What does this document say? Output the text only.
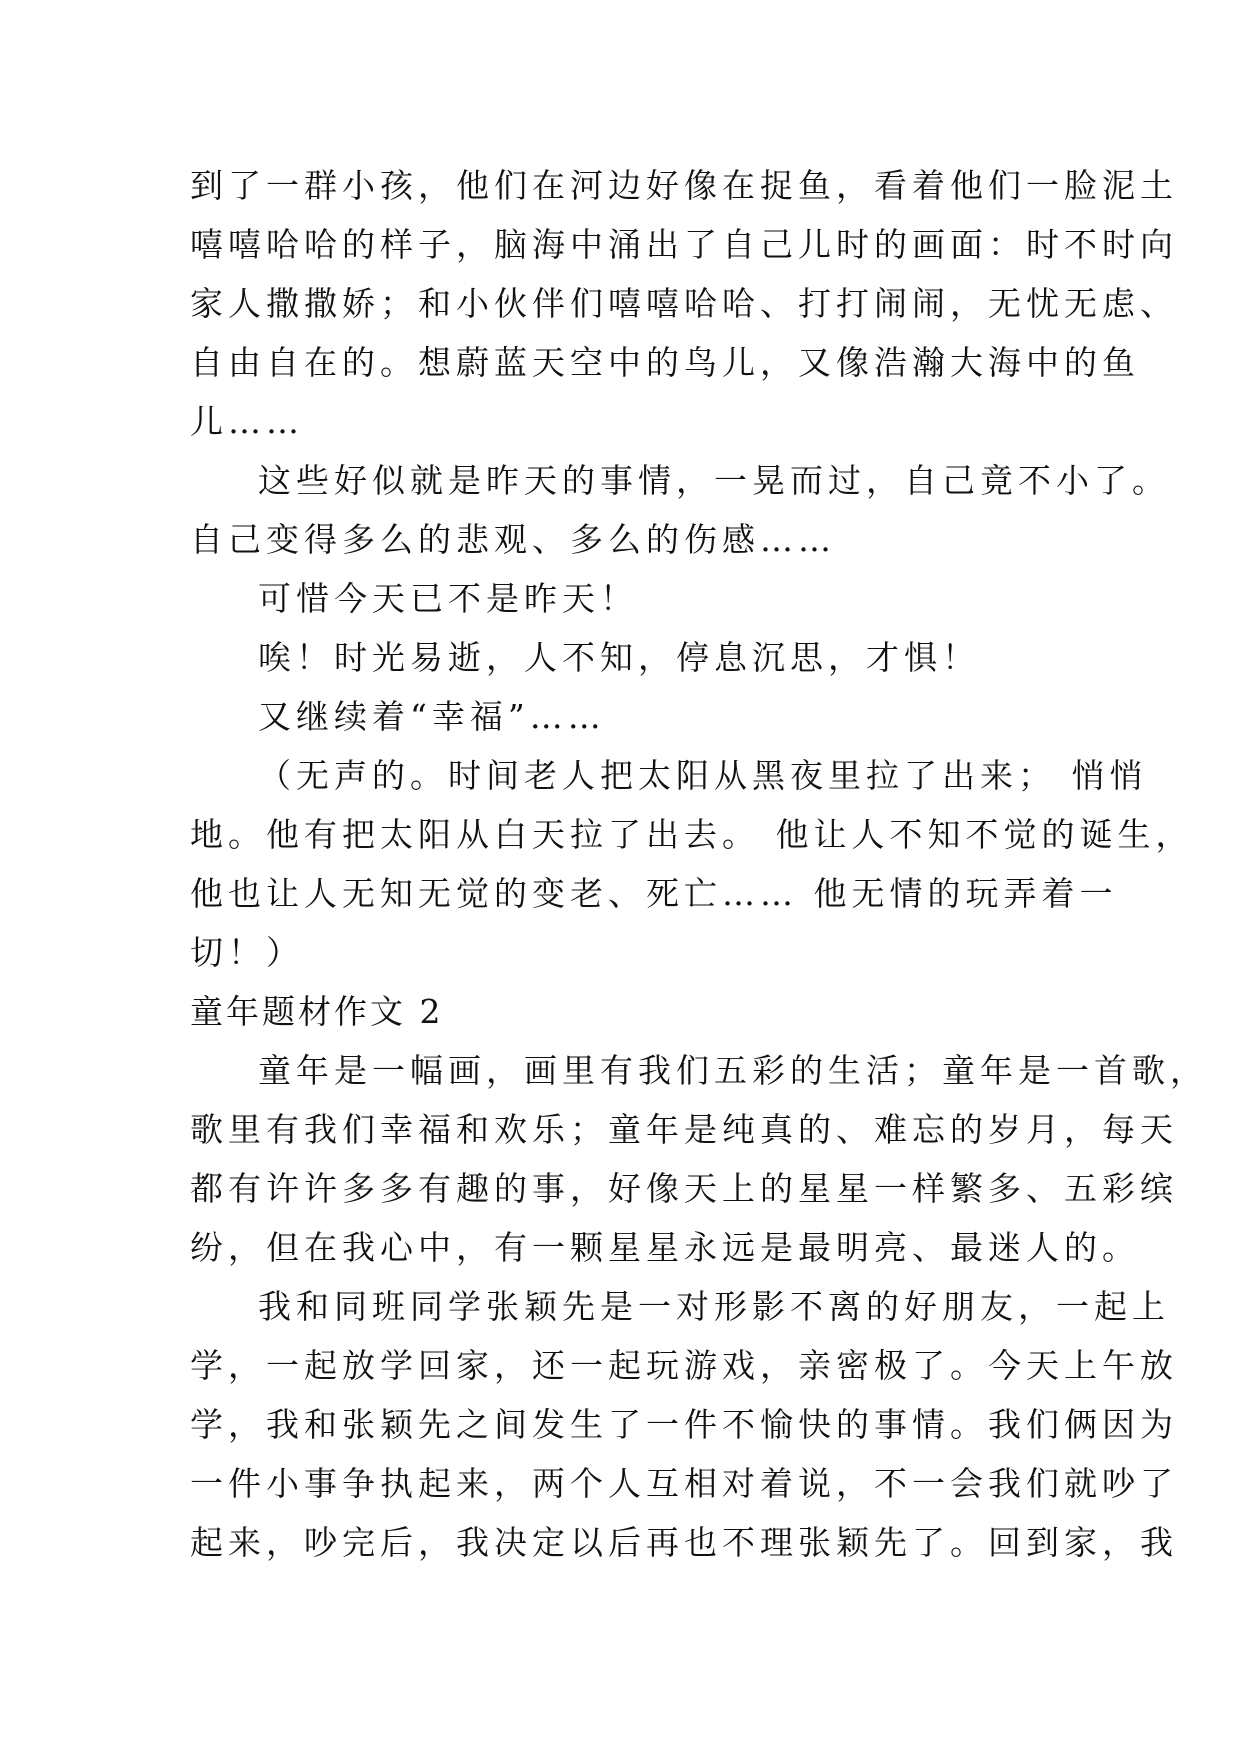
到了一群小孩，他们在河边好像在捉鱼，看着他们一脸泥土
嘻嘻哈哈的样子，脑海中涌出了自己儿时的画面：时不时向
家人撒撒娇；和小伙伴们嘻嘻哈哈、打打闹闹，无忧无虑、
自由自在的。想蔚蓝天空中的鸟儿，又像浩瀚大海中的鱼
儿……
这些好似就是昨天的事情，一晃而过，自己竟不小了。
自己变得多么的悲观、多么的伤感……
可惜今天已不是昨天！
唉！时光易逝，人不知，停息沉思，才惧！
又继续着“幸福”……
（无声的。时间老人把太阳从黑夜里拉了出来； 悄悄
地。他有把太阳从白天拉了出去。 他让人不知不觉的诞生，
他也让人无知无觉的变老、死亡…… 他无情的玩弄着一
切！）
童年题材作文 2
童年是一幅画，画里有我们五彩的生活；童年是一首歌，
歌里有我们幸福和欢乐；童年是纯真的、难忘的岁月，每天
都有许许多多有趣的事，好像天上的星星一样繁多、五彩缤
纷，但在我心中，有一颗星星永远是最明亮、最迷人的。
我和同班同学张颖先是一对形影不离的好朋友，一起上
学，一起放学回家，还一起玩游戏，亲密极了。今天上午放
学，我和张颖先之间发生了一件不愉快的事情。我们俩因为
一件小事争执起来，两个人互相对着说，不一会我们就吵了
起来，吵完后，我决定以后再也不理张颖先了。回到家，我
